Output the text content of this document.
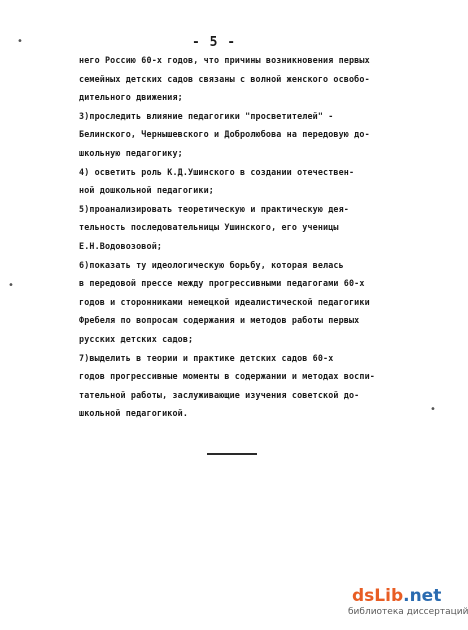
- 5 -
•
•
•
него Россию 60-х годов, что причины возникновения первых
семейных детских садов связаны с волной женского освобо-
дительного движения;
3)проследить влияние педагогики "просветителей" -
Белинского, Чернышевского и Добролюбова на передовую до-
школьную педагогику;
4) осветить роль К.Д.Ушинского в создании отечествен-
ной дошкольной педагогики;
5)проанализировать теоретическую и практическую дея-
тельность последовательницы Ушинского, его ученицы
Е.Н.Водовозовой;
6)показать ту идеологическую борьбу, которая велась
в передовой прессе между прогрессивными педагогами 60-х
годов и сторонниками немецкой идеалистической педагогики
Фребеля по вопросам содержания и методов работы первых
русских детских садов;
7)выделить в теории и практике детских садов 60-х
годов прогрессивные моменты в содержании и методах воспи-
тательной работы, заслуживающие изучения советской до-
школьной педагогикой.
dsLib.net
библиотека диссертаций
